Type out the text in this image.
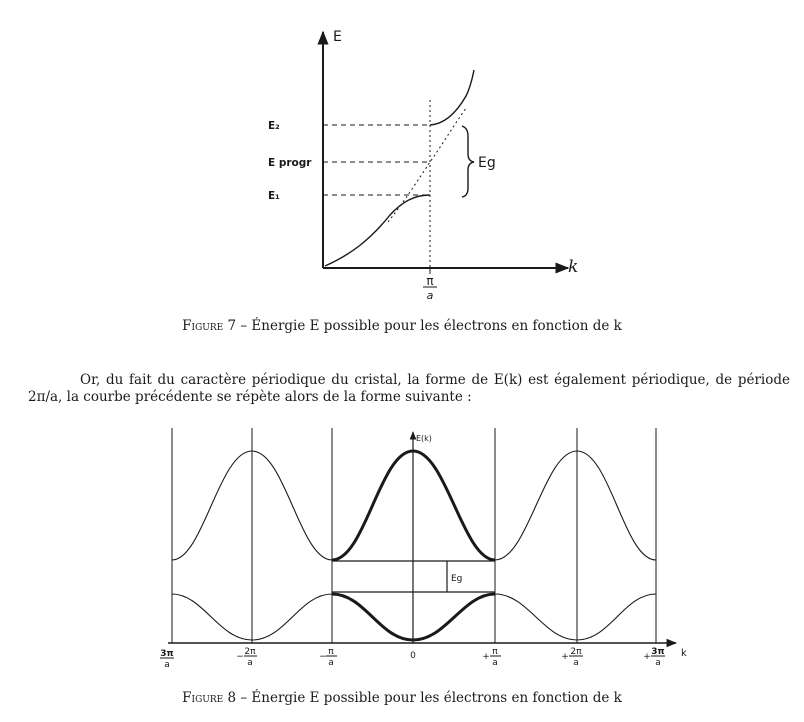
E
k
E₂
E progr
E₁
Eg
π
a
E(k)
k
Eg
3π
a
− 2π
a
− π
a
0	+ π
a
+ 2π
a
+ 3π
a
Figure 7 – Énergie E possible pour les électrons en fonction de k

Or, du fait du caractère périodique du cristal, la forme de E(k) est également périodique, de période 2π/a, la courbe précédente se répète alors de la forme suivante :

Figure 8 – Énergie E possible pour les électrons en fonction de k
